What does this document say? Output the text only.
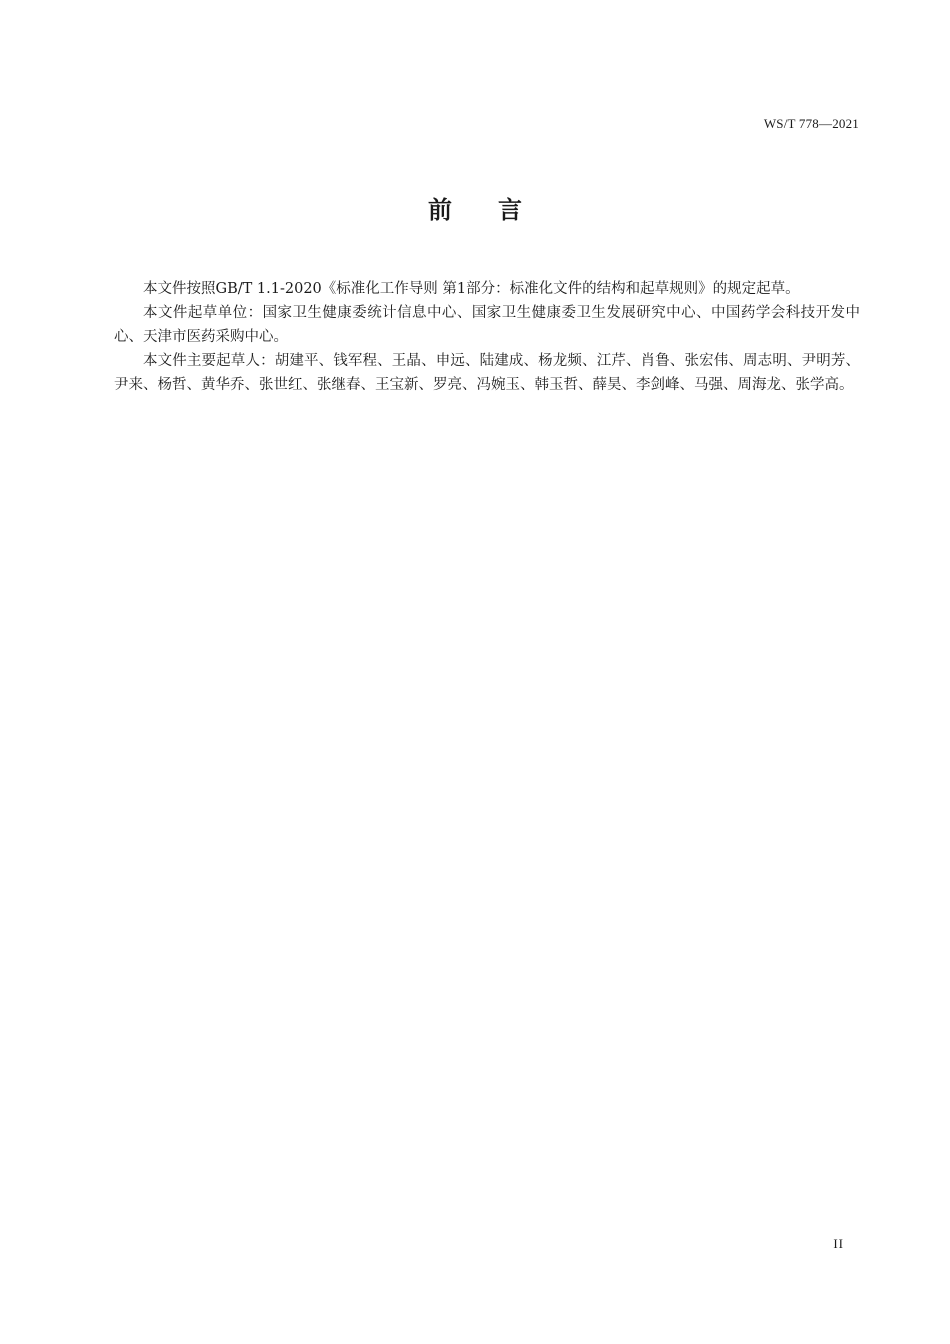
WS/T 778—2021
前 言

本文件按照GB/T 1.1-2020《标准化工作导则 第1部分：标准化文件的结构和起草规则》的规定起草。

本文件起草单位：国家卫生健康委统计信息中心、国家卫生健康委卫生发展研究中心、中国药学会科技开发中心、天津市医药采购中心。

本文件主要起草人：胡建平、钱军程、王晶、申远、陆建成、杨龙频、江芹、肖鲁、张宏伟、周志明、尹明芳、尹来、杨哲、黄华乔、张世红、张继春、王宝新、罗亮、冯婉玉、韩玉哲、薛昊、李剑峰、马强、周海龙、张学高。

II
